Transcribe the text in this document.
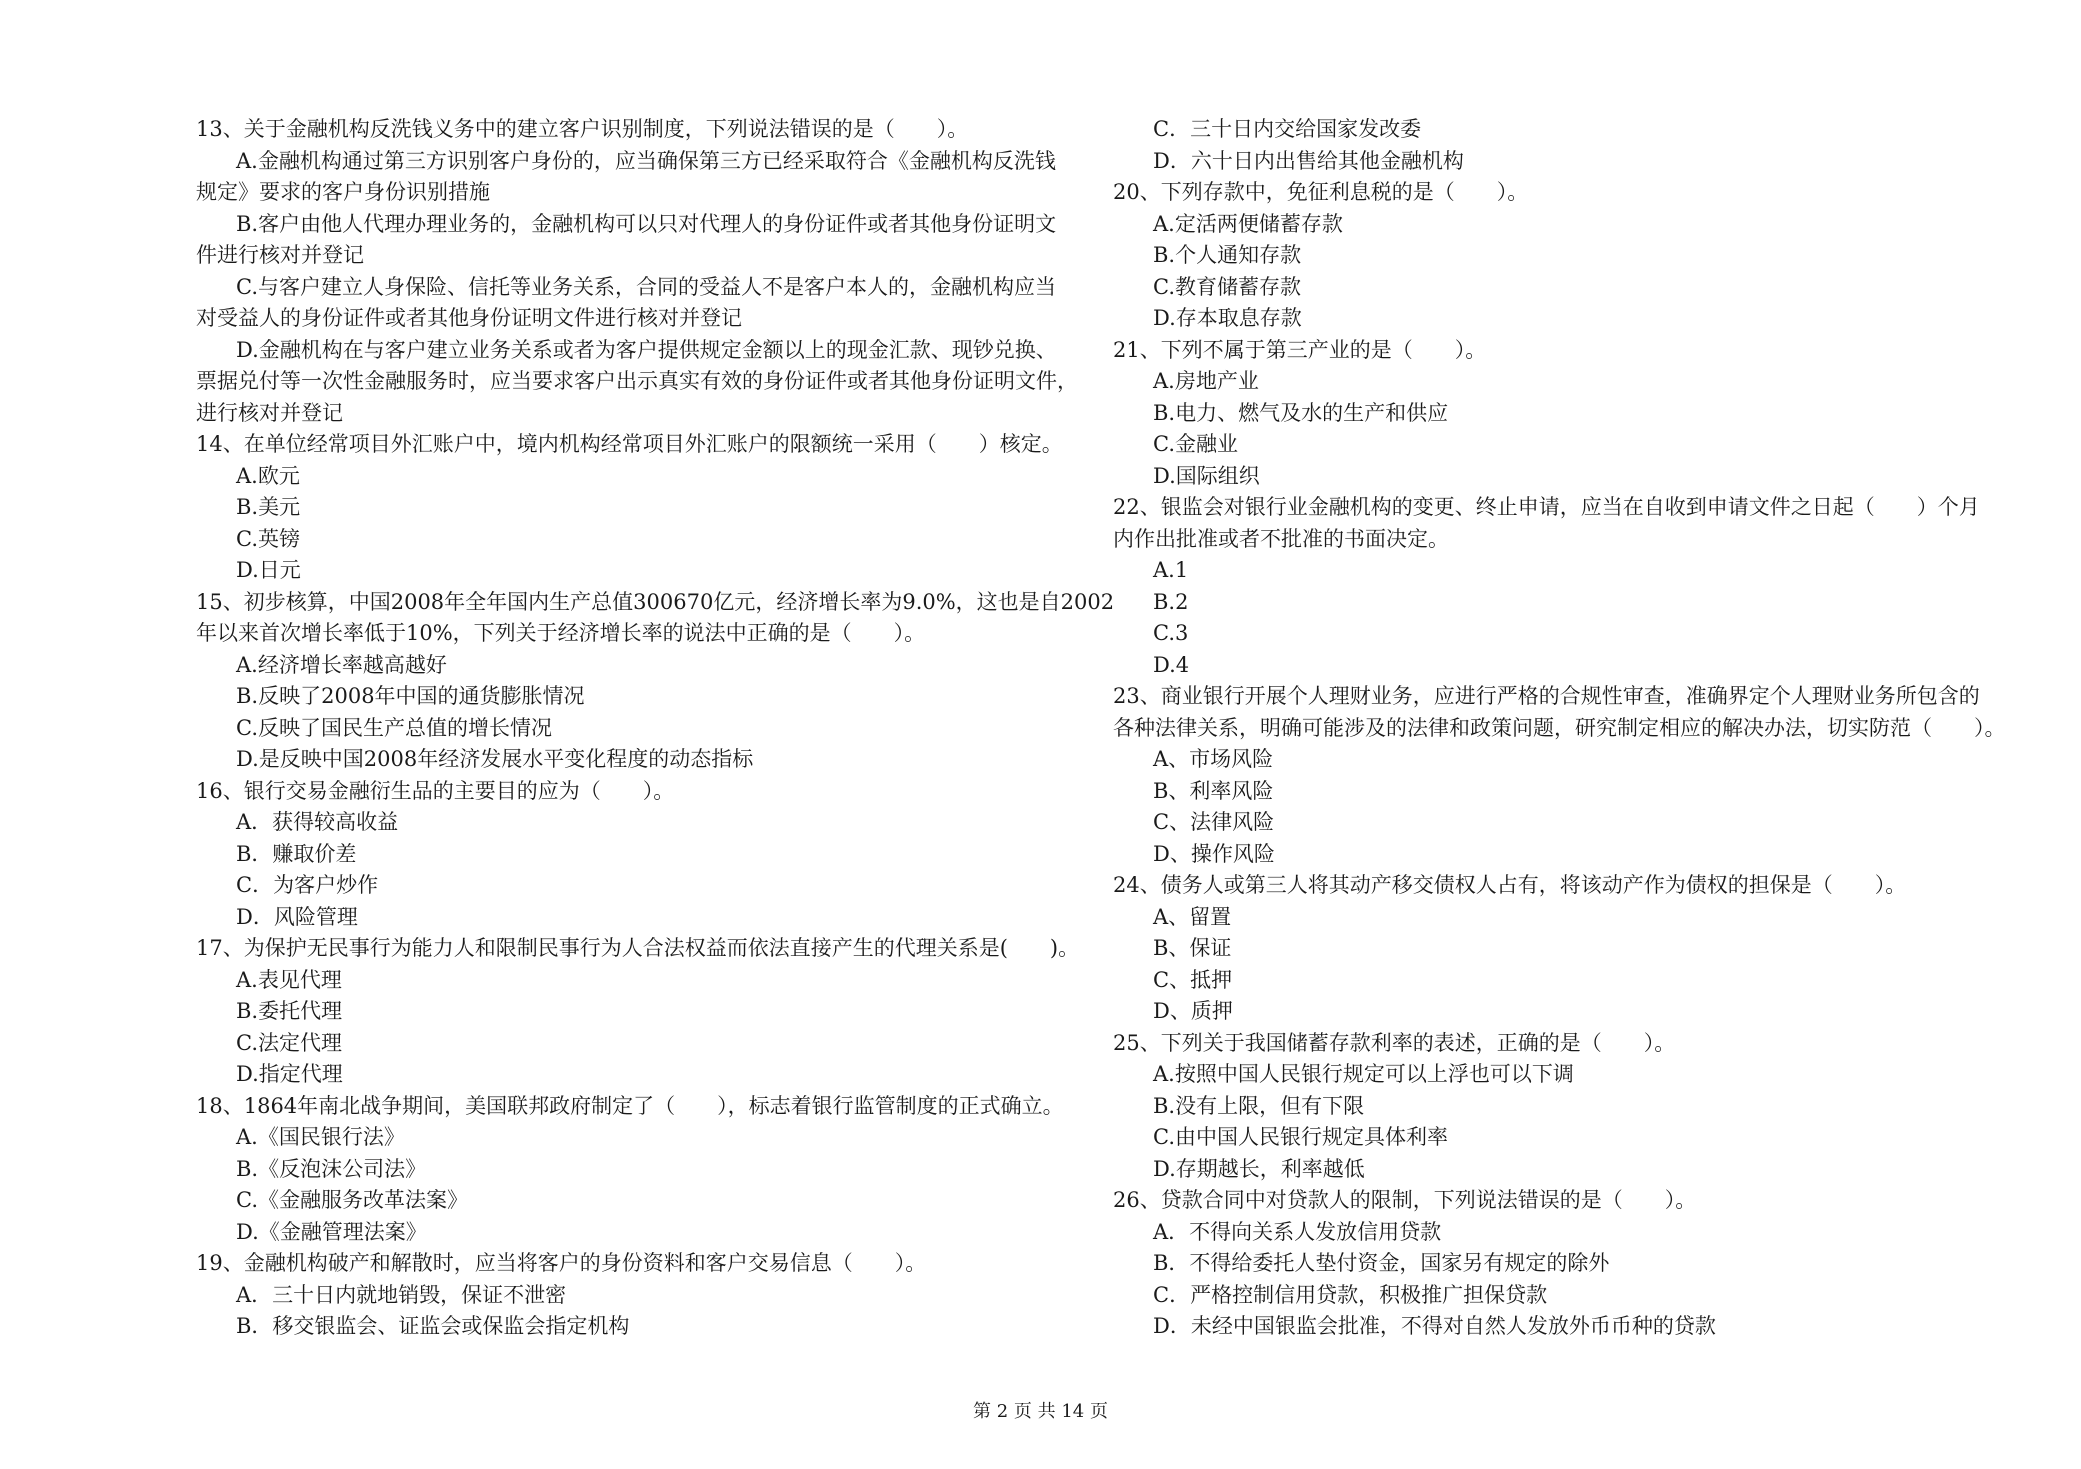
13、关于金融机构反洗钱义务中的建立客户识别制度，下列说法错误的是（　　）。
A.金融机构通过第三方识别客户身份的，应当确保第三方已经采取符合《金融机构反洗钱
规定》要求的客户身份识别措施
B.客户由他人代理办理业务的，金融机构可以只对代理人的身份证件或者其他身份证明文
件进行核对并登记
C.与客户建立人身保险、信托等业务关系，合同的受益人不是客户本人的，金融机构应当
对受益人的身份证件或者其他身份证明文件进行核对并登记
D.金融机构在与客户建立业务关系或者为客户提供规定金额以上的现金汇款、现钞兑换、
票据兑付等一次性金融服务时，应当要求客户出示真实有效的身份证件或者其他身份证明文件，
进行核对并登记
14、在单位经常项目外汇账户中，境内机构经常项目外汇账户的限额统一采用（　　）核定。
A.欧元
B.美元
C.英镑
D.日元
15、初步核算，中国2008年全年国内生产总值300670亿元，经济增长率为9.0%，这也是自2002
年以来首次增长率低于10%，下列关于经济增长率的说法中正确的是（　　）。
A.经济增长率越高越好
B.反映了2008年中国的通货膨胀情况
C.反映了国民生产总值的增长情况
D.是反映中国2008年经济发展水平变化程度的动态指标
16、银行交易金融衍生品的主要目的应为（　　）。
A．获得较高收益
B．赚取价差
C．为客户炒作
D．风险管理
17、为保护无民事行为能力人和限制民事行为人合法权益而依法直接产生的代理关系是(　　)。
A.表见代理
B.委托代理
C.法定代理
D.指定代理
18、1864年南北战争期间，美国联邦政府制定了（　　），标志着银行监管制度的正式确立。
A.《国民银行法》
B.《反泡沫公司法》
C.《金融服务改革法案》
D.《金融管理法案》
19、金融机构破产和解散时，应当将客户的身份资料和客户交易信息（　　）。
A．三十日内就地销毁，保证不泄密
B．移交银监会、证监会或保监会指定机构
C．三十日内交给国家发改委
D．六十日内出售给其他金融机构
20、下列存款中，免征利息税的是（　　）。
A.定活两便储蓄存款
B.个人通知存款
C.教育储蓄存款
D.存本取息存款
21、下列不属于第三产业的是（　　）。
A.房地产业
B.电力、燃气及水的生产和供应
C.金融业
D.国际组织
22、银监会对银行业金融机构的变更、终止申请，应当在自收到申请文件之日起（　　）个月
内作出批准或者不批准的书面决定。
A.1
B.2
C.3
D.4
23、商业银行开展个人理财业务，应进行严格的合规性审查，准确界定个人理财业务所包含的
各种法律关系，明确可能涉及的法律和政策问题，研究制定相应的解决办法，切实防范（　　）。
A、市场风险
B、利率风险
C、法律风险
D、操作风险
24、债务人或第三人将其动产移交债权人占有，将该动产作为债权的担保是（　　）。
A、留置
B、保证
C、抵押
D、质押
25、下列关于我国储蓄存款利率的表述，正确的是（　　）。
A.按照中国人民银行规定可以上浮也可以下调
B.没有上限，但有下限
C.由中国人民银行规定具体利率
D.存期越长，利率越低
26、贷款合同中对贷款人的限制，下列说法错误的是（　　）。
A．不得向关系人发放信用贷款
B．不得给委托人垫付资金，国家另有规定的除外
C．严格控制信用贷款，积极推广担保贷款
D．未经中国银监会批准，不得对自然人发放外币币种的贷款
第 2 页 共 14 页
